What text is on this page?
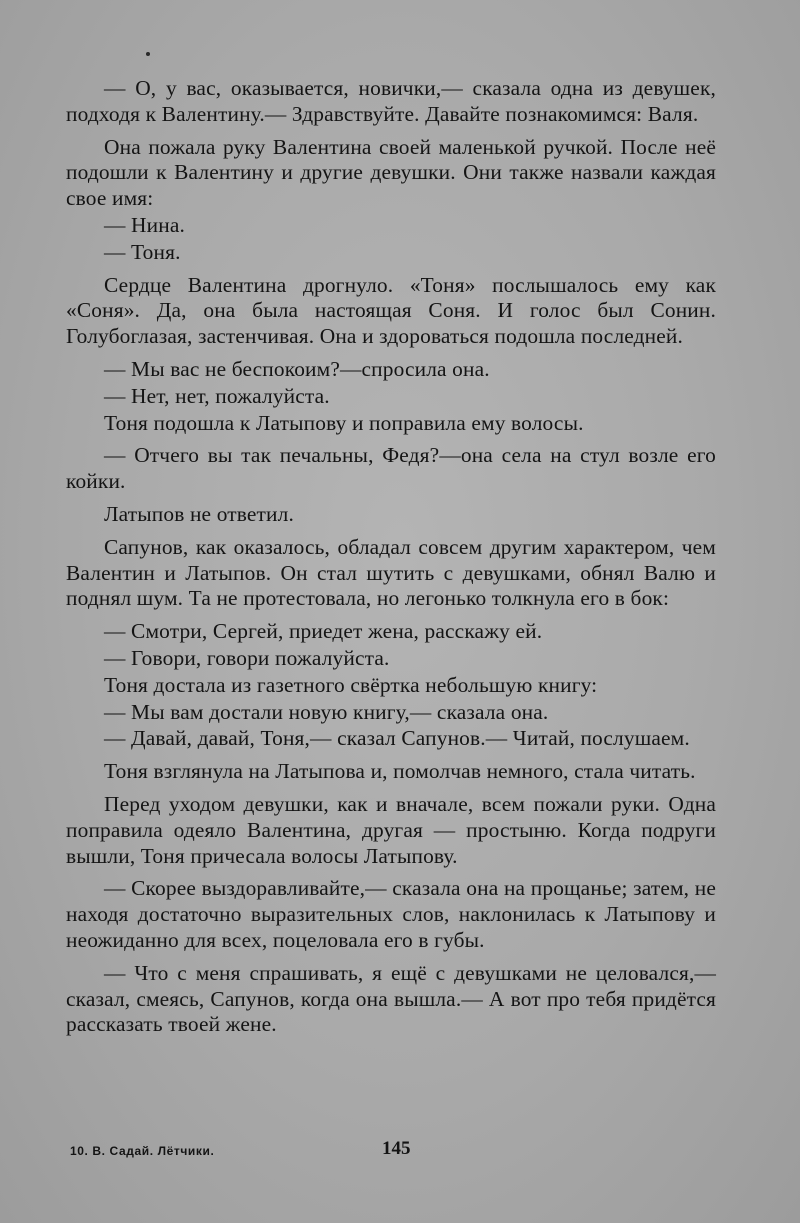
— О, у вас, оказывается, новички,— сказала одна из девушек, подходя к Валентину.— Здравствуйте. Давайте познакомимся: Валя.

Она пожала руку Валентина своей маленькой ручкой. После неё подошли к Валентину и другие девушки. Они также назвали каждая свое имя:

— Нина.

— Тоня.

Сердце Валентина дрогнуло. «Тоня» послышалось ему как «Соня». Да, она была настоящая Соня. И голос был Сонин. Голубоглазая, застенчивая. Она и здороваться подошла последней.

— Мы вас не беспокоим?—спросила она.

— Нет, нет, пожалуйста.

Тоня подошла к Латыпову и поправила ему волосы.

— Отчего вы так печальны, Федя?—она села на стул возле его койки.

Латыпов не ответил.

Сапунов, как оказалось, обладал совсем другим характером, чем Валентин и Латыпов. Он стал шутить с девушками, обнял Валю и поднял шум. Та не протестовала, но легонько толкнула его в бок:

— Смотри, Сергей, приедет жена, расскажу ей.

— Говори, говори пожалуйста.

Тоня достала из газетного свёртка небольшую книгу:

— Мы вам достали новую книгу,— сказала она.

— Давай, давай, Тоня,— сказал Сапунов.— Читай, послушаем.

Тоня взглянула на Латыпова и, помолчав немного, стала читать.

Перед уходом девушки, как и вначале, всем пожали руки. Одна поправила одеяло Валентина, другая — простыню. Когда подруги вышли, Тоня причесала волосы Латыпову.

— Скорее выздоравливайте,— сказала она на прощанье; затем, не находя достаточно выразительных слов, наклонилась к Латыпову и неожиданно для всех, поцеловала его в губы.

— Что с меня спрашивать, я ещё с девушками не целовался,— сказал, смеясь, Сапунов, когда она вышла.— А вот про тебя придётся рассказать твоей жене.

10. В. Садай. Лётчики.	145
